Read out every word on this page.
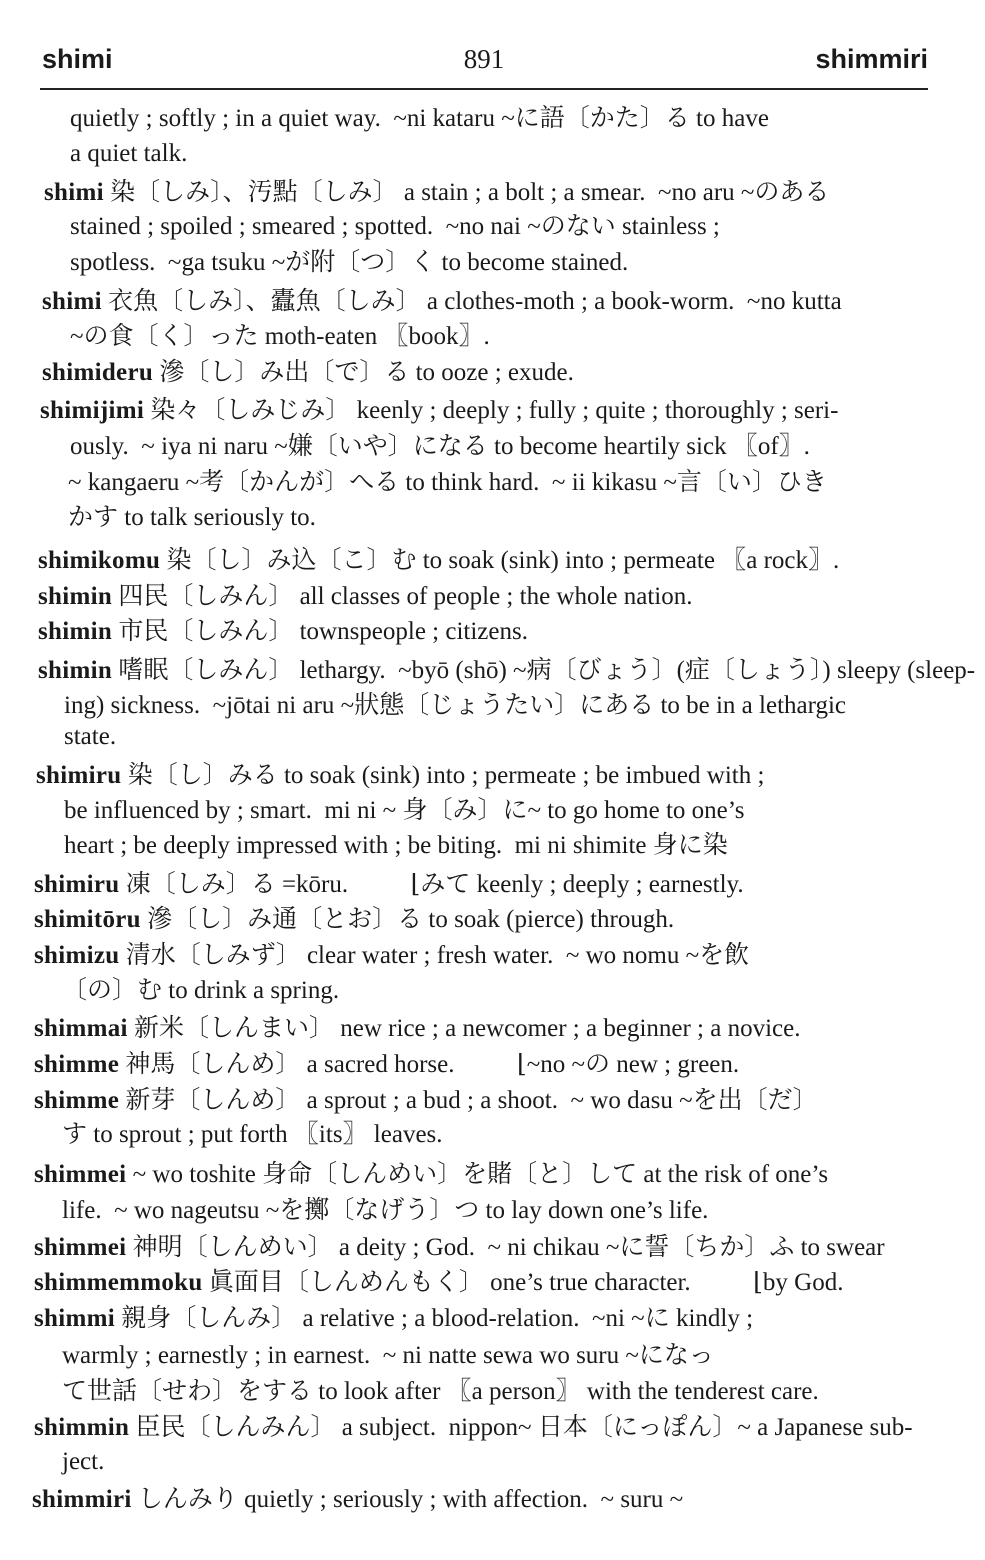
shimi	891	shimmiri
quietly ; softly ; in a quiet way.  ~ni kataru ~に語〔かた〕る to have
a quiet talk.
shimi 染〔しみ〕、汚點〔しみ〕 a stain ; a bolt ; a smear.  ~no aru ~のある
stained ; spoiled ; smeared ; spotted.  ~no nai ~のない stainless ;
spotless.  ~ga tsuku ~が附〔つ〕く to become stained.
shimi 衣魚〔しみ〕、蠹魚〔しみ〕 a clothes-moth ; a book-worm.  ~no kutta
~の食〔く〕った moth-eaten 〖book〗.
shimideru 滲〔し〕み出〔で〕る to ooze ; exude.
shimijimi 染々〔しみじみ〕 keenly ; deeply ; fully ; quite ; thoroughly ; seri-
ously.  ~ iya ni naru ~嫌〔いや〕になる to become heartily sick 〖of〗.
~ kangaeru ~考〔かんが〕へる to think hard.  ~ ii kikasu ~言〔い〕ひき
かす to talk seriously to.
shimikomu 染〔し〕み込〔こ〕む to soak (sink) into ; permeate 〖a rock〗.
shimin 四民〔しみん〕 all classes of people ; the whole nation.
shimin 市民〔しみん〕 townspeople ; citizens.
shimin 嗜眠〔しみん〕 lethargy.  ~byō (shō) ~病〔びょう〕(症〔しょう〕) sleepy (sleep-
ing) sickness.  ~jōtai ni aru ~狀態〔じょうたい〕にある to be in a lethargic
state.
shimiru 染〔し〕みる to soak (sink) into ; permeate ; be imbued with ;
be influenced by ; smart.  mi ni ~ 身〔み〕に~ to go home to one’s
heart ; be deeply impressed with ; be biting.  mi ni shimite 身に染
shimiru 凍〔しみ〕る =kōru.          ⌊みて keenly ; deeply ; earnestly.
shimitōru 滲〔し〕み通〔とお〕る to soak (pierce) through.
shimizu 清水〔しみず〕 clear water ; fresh water.  ~ wo nomu ~を飲
〔の〕む to drink a spring.
shimmai 新米〔しんまい〕 new rice ; a newcomer ; a beginner ; a novice.
shimme 神馬〔しんめ〕 a sacred horse.          ⌊~no ~の new ; green.
shimme 新芽〔しんめ〕 a sprout ; a bud ; a shoot.  ~ wo dasu ~を出〔だ〕
す to sprout ; put forth 〖its〗 leaves.
shimmei ~ wo toshite 身命〔しんめい〕を賭〔と〕して at the risk of one’s
life.  ~ wo nageutsu ~を擲〔なげう〕つ to lay down one’s life.
shimmei 神明〔しんめい〕 a deity ; God.  ~ ni chikau ~に誓〔ちか〕ふ to swear
shimmemmoku 眞面目〔しんめんもく〕 one’s true character.          ⌊by God.
shimmi 親身〔しんみ〕 a relative ; a blood-relation.  ~ni ~に kindly ;
warmly ; earnestly ; in earnest.  ~ ni natte sewa wo suru ~になっ
て世話〔せわ〕をする to look after 〖a person〗 with the tenderest care.
shimmin 臣民〔しんみん〕 a subject.  nippon~ 日本〔にっぽん〕~ a Japanese sub-
ject.
shimmiri しんみり quietly ; seriously ; with affection.  ~ suru ~
